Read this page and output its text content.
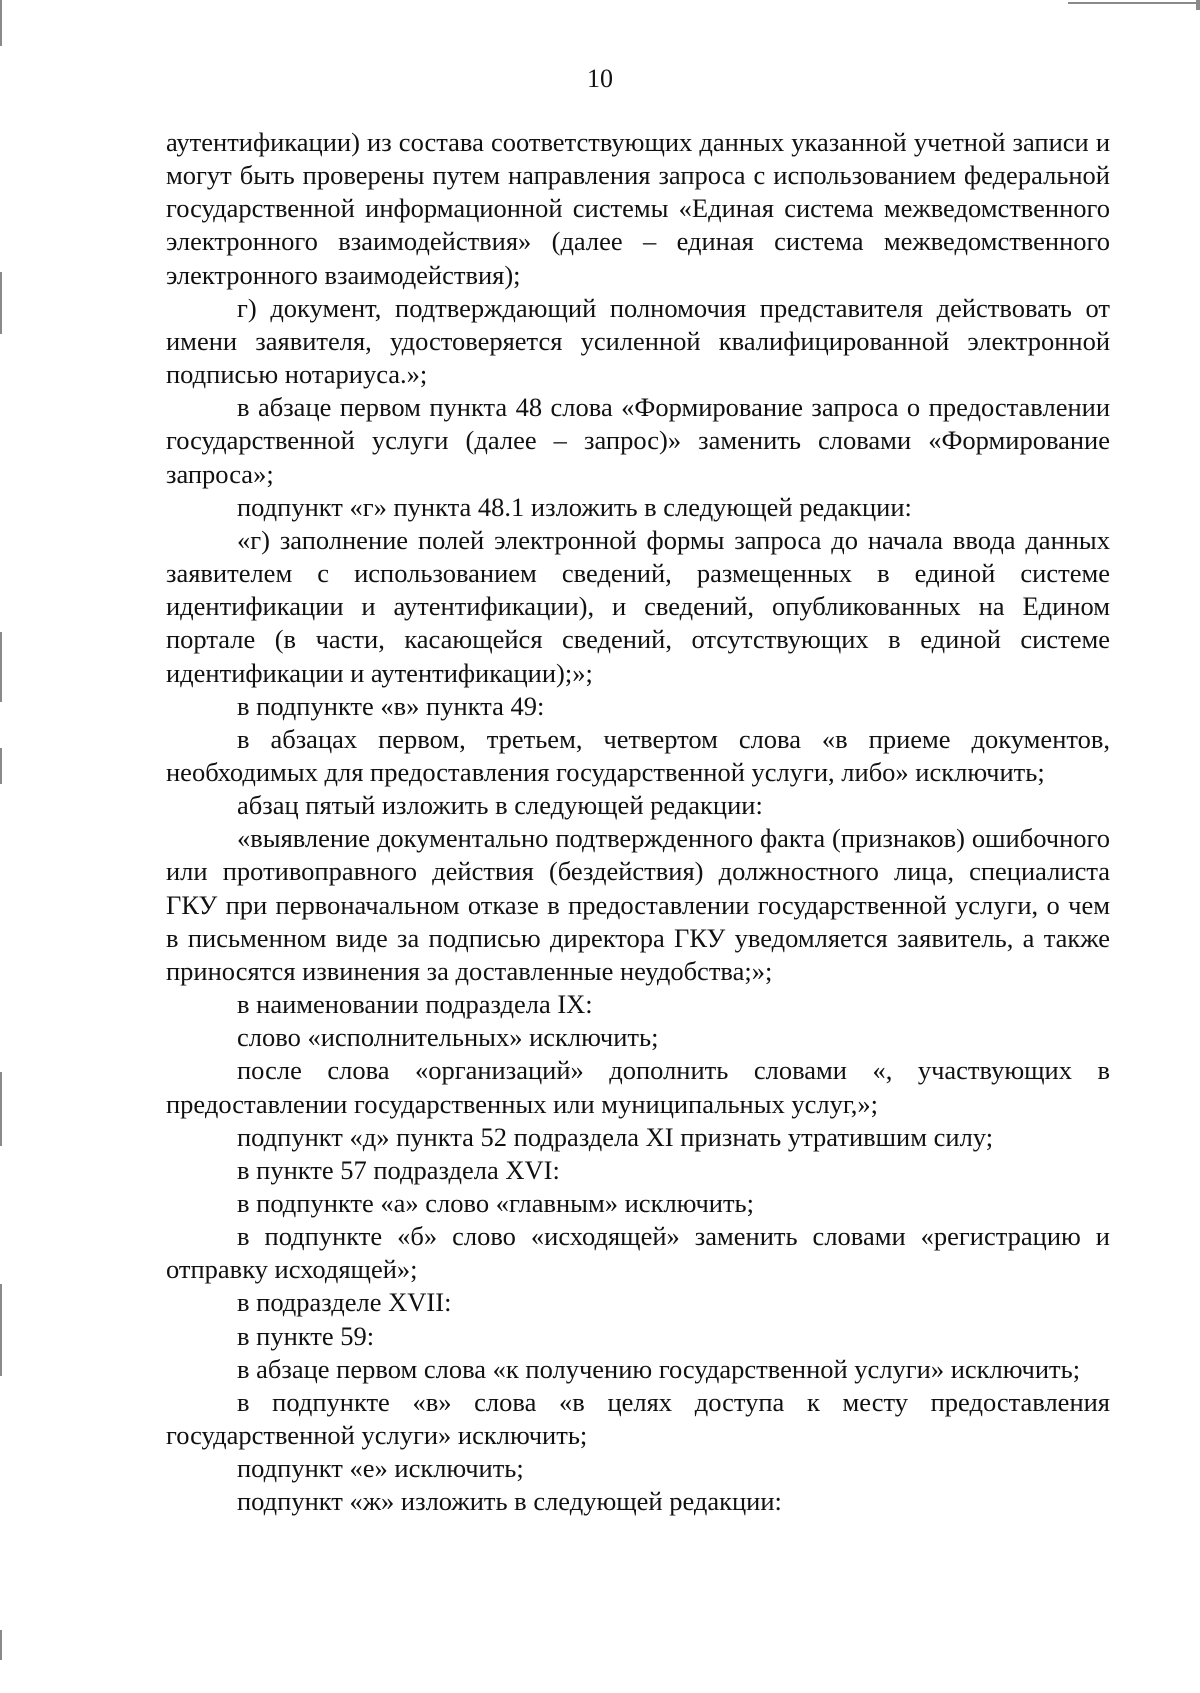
10

аутентификации) из состава соответствующих данных указанной учетной записи и могут быть проверены путем направления запроса с использованием федеральной государственной информационной системы «Единая система межведомственного электронного взаимодействия» (далее – единая система межведомственного электронного взаимодействия);

г) документ, подтверждающий полномочия представителя действовать от имени заявителя, удостоверяется усиленной квалифицированной электронной подписью нотариуса.»;

в абзаце первом пункта 48 слова «Формирование запроса о предоставлении государственной услуги (далее – запрос)» заменить словами «Формирование запроса»;

подпункт «г» пункта 48.1 изложить в следующей редакции:

«г) заполнение полей электронной формы запроса до начала ввода данных заявителем с использованием сведений, размещенных в единой системе идентификации и аутентификации), и сведений, опубликованных на Едином портале (в части, касающейся сведений, отсутствующих в единой системе идентификации и аутентификации);»;

в подпункте «в» пункта 49:

в абзацах первом, третьем, четвертом слова «в приеме документов, необходимых для предоставления государственной услуги, либо» исключить;

абзац пятый изложить в следующей редакции:

«выявление документально подтвержденного факта (признаков) ошибочного или противоправного действия (бездействия) должностного лица, специалиста ГКУ при первоначальном отказе в предоставлении государственной услуги, о чем в письменном виде за подписью директора ГКУ уведомляется заявитель, а также приносятся извинения за доставленные неудобства;»;

в наименовании подраздела IX:

слово «исполнительных» исключить;

после слова «организаций» дополнить словами «, участвующих в предоставлении государственных или муниципальных услуг,»;

подпункт «д» пункта 52 подраздела XI признать утратившим силу;

в пункте 57 подраздела XVI:

в подпункте «а» слово «главным» исключить;

в подпункте «б» слово «исходящей» заменить словами «регистрацию и отправку исходящей»;

в подразделе XVII:

в пункте 59:

в абзаце первом слова «к получению государственной услуги» исключить;

в подпункте «в» слова «в целях доступа к месту предоставления государственной услуги» исключить;

подпункт «е» исключить;

подпункт «ж» изложить в следующей редакции:
